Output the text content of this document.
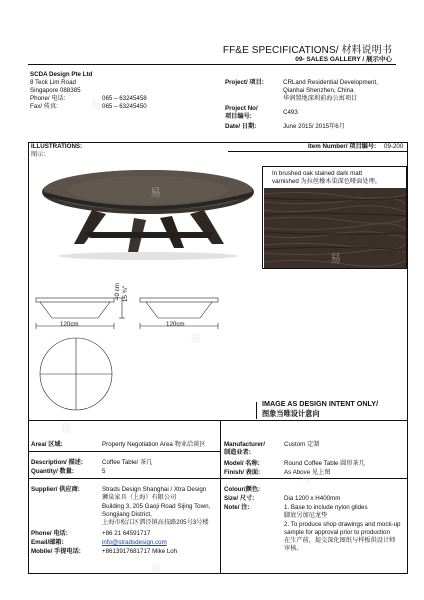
FF&E SPECIFICATIONS/ 材料说明书
09- SALES GALLERY / 展示中心
SCDA Design Pte Ltd
8 Teck Lim Road
Singapore 088385
Phone/ 电话:	065 – 63245458
Fax/ 传真:	065 – 63245450
Project/ 项目:	CRLand Residential Development,
Qianhai Shenzhen, China
华润置地深圳前海公寓项目
Project No/
项目编号:
C493
Date/ 日期:	June 2015/ 2015年6月
ILLUSTRATIONS:
图示:
Item Number/ 项目编号: 09-200
In brushed oak stained dark matt
varnished 为拉丝橡木染深色哑面处理。
120cm	120cm
40 cm 15 ¾"
IMAGE AS DESIGN INTENT ONLY/
图象当唯设计意向
Area/ 区域:	Property Negotiation Area 物业洽谈区
Description/ 描述:	Coffee Table/ 茶几
Quantity/ 数量:	5
Supplier/ 供应商:	Strads Design Shanghai / Xtra Design
狮泉家具（上海）有限公司
Building 3, 205 Gaoji Road Sijing Town,
Songjiang District,
上海市松江区泗泾镇高技路205号3号楼
Phone/ 电话:	+86 21 64591717
Email/邮箱:	info@stradsdesign.com
Mobile/ 手提电话:	+8613917681717 Mike Loh
Manufacturer/
制造业者:
Custom 定制
Model/ 名称:	Round Coffee Table 圆形茶几
Finish/ 表面:	As Above 见上图
Colour/颜色:
Size/ 尺寸:	Dia 1200 x H400mm
Note/ 注:	1. Base to include nylon glides
脚底另加尼龙垫
2. To produce shop drawings and mock-up
sample for approval prior to production
在生产前，提交深化图纸与样板供设计师
审核。
易
易
易
易
易
易
易
